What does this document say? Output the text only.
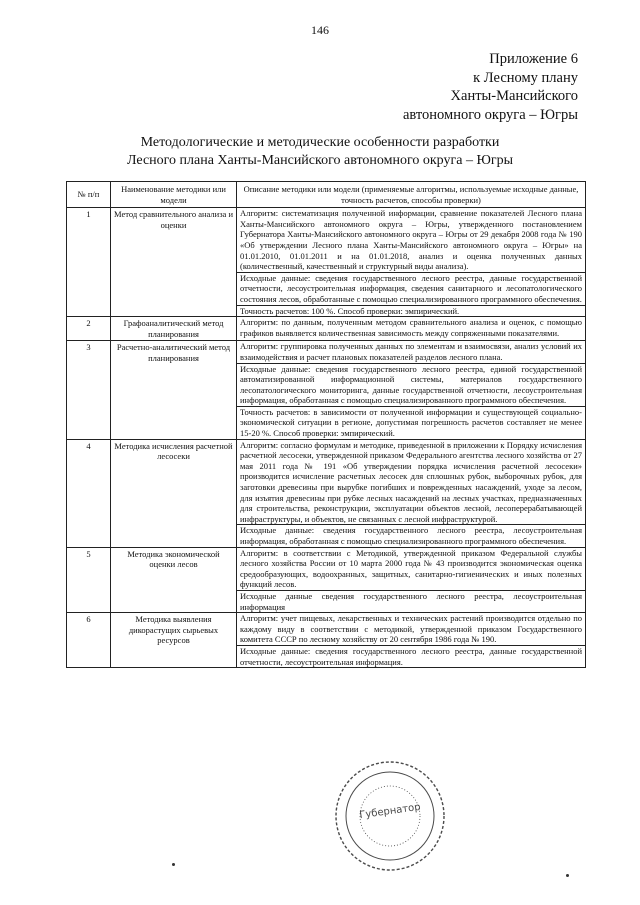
146
Приложение 6
к Лесному плану
Ханты-Мансийского
автономного округа – Югры
Методологические и методические особенности разработки
Лесного плана Ханты-Мансийского автономного округа – Югры
№ п/п	Наименование методики или модели	Описание методики или модели (применяемые алгоритмы, используемые исходные данные, точность расчетов, способы проверки)
1	Метод сравнительного анализа и оценки	Алгоритм: систематизация полученной информации, сравнение показателей Лесного плана Ханты-Мансийского автономного округа – Югры, утвержденного постановлением Губернатора Ханты-Мансийского автономного округа – Югры от 29 декабря 2008 года № 190 «Об утверждении Лесного плана Ханты-Мансийского автономного округа – Югры» на 01.01.2010, 01.01.2011 и на 01.01.2018, анализ и оценка полученных данных (количественный, качественный и структурный виды анализа).
Исходные данные: сведения государственного лесного реестра, данные государственной отчетности, лесоустроительная информация, сведения санитарного и лесопатологического состояния лесов, обработанные с помощью специализированного программного обеспечения.
Точность расчетов: 100 %. Способ проверки: эмпирический.

2	Графоаналитический метод планирования	Алгоритм: по данным, полученным методом сравнительного анализа и оценок, с помощью графиков выявляется количественная зависимость между сопряженными показателями.

3	Расчетно-аналитический метод планирования	Алгоритм: группировка полученных данных по элементам и взаимосвязи, анализ условий их взаимодействия и расчет плановых показателей разделов лесного плана.
Исходные данные: сведения государственного лесного реестра, единой государственной автоматизированной информационной системы, материалов государственного лесопатологического мониторинга, данные государственной отчетности, лесоустроительная информация, обработанная с помощью специализированного программного обеспечения.
Точность расчетов: в зависимости от полученной информации и существующей социально-экономической ситуации в регионе, допустимая погрешность расчетов составляет не менее 15-20 %. Способ проверки: эмпирический.

4	Методика исчисления расчетной лесосеки	Алгоритм: согласно формулам и методике, приведенной в приложении к Порядку исчисления расчетной лесосеки, утвержденной приказом Федерального агентства лесного хозяйства от 27 мая 2011 года № 191 «Об утверждении порядка исчисления расчетной лесосеки» производится исчисление расчетных лесосек для сплошных рубок, выборочных рубок, для заготовки древесины при вырубке погибших и поврежденных насаждений, уходе за лесом, для изъятия древесины при рубке лесных насаждений на лесных участках, предназначенных для строительства, реконструкции, эксплуатации объектов лесной, лесоперерабатывающей инфраструктуры, и объектов, не связанных с лесной инфраструктурой.
Исходные данные: сведения государственного лесного реестра, лесоустроительная информация, обработанная с помощью специализированного программного обеспечения.

5	Методика экономической оценки лесов	Алгоритм: в соответствии с Методикой, утвержденной приказом Федеральной службы лесного хозяйства России от 10 марта 2000 года № 43 производится экономическая оценка средообразующих, водоохранных, защитных, санитарно-гигиенических и иных полезных функций лесов.
Исходные данные сведения государственного лесного реестра, лесоустроительная информация

6	Методика выявления дикорастущих сырьевых ресурсов	Алгоритм: учет пищевых, лекарственных и технических растений производится отдельно по каждому виду в соответствии с методикой, утвержденной приказом Государственного комитета СССР по лесному хозяйству от 20 сентября 1986 года № 190.
Исходные данные: сведения государственного лесного реестра, данные государственной отчетности, лесоустроительная информация.
Губернатор
